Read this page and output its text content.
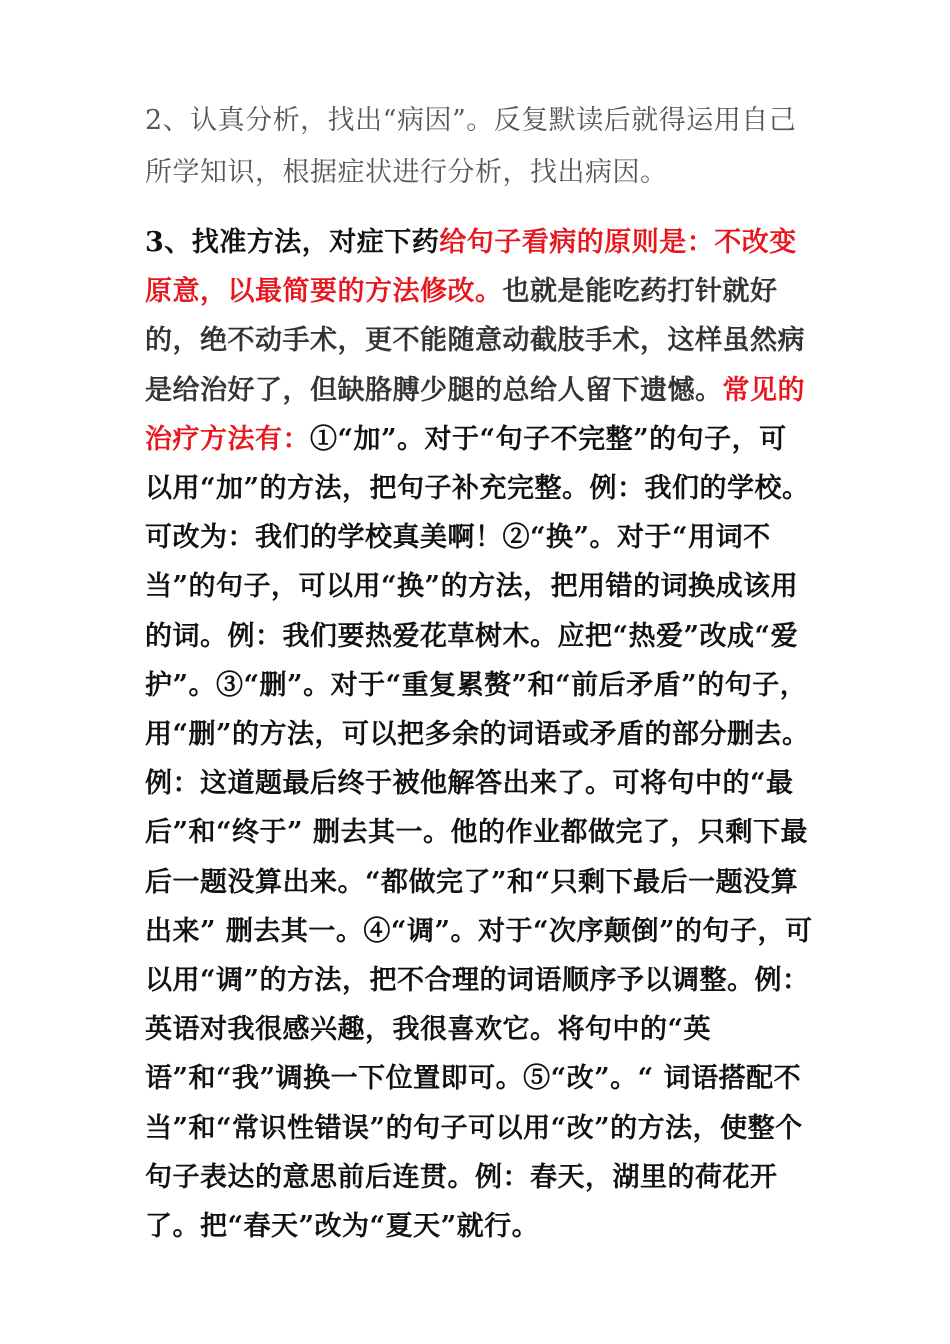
2、认真分析，找出“病因”。反复默读后就得运用自己所学知识，根据症状进行分析，找出病因。

3、找准方法，对症下药给句子看病的原则是：不改变原意，以最简要的方法修改。也就是能吃药打针就好的，绝不动手术，更不能随意动截肢手术，这样虽然病是给治好了，但缺胳膊少腿的总给人留下遗憾。常见的治疗方法有：①“加”。对于“句子不完整”的句子，可以用“加”的方法，把句子补充完整。例：我们的学校。可改为：我们的学校真美啊！②“换”。对于“用词不当”的句子，可以用“换”的方法，把用错的词换成该用的词。例：我们要热爱花草树木。应把“热爱”改成“爱护”。③“删”。对于“重复累赘”和“前后矛盾”的句子，用“删”的方法，可以把多余的词语或矛盾的部分删去。例：这道题最后终于被他解答出来了。可将句中的“最后”和“终于” 删去其一。他的作业都做完了，只剩下最后一题没算出来。“都做完了”和“只剩下最后一题没算出来” 删去其一。④“调”。对于“次序颠倒”的句子，可以用“调”的方法，把不合理的词语顺序予以调整。例：英语对我很感兴趣，我很喜欢它。将句中的“英语”和“我”调换一下位置即可。⑤“改”。“ 词语搭配不当”和“常识性错误”的句子可以用“改”的方法，使整个句子表达的意思前后连贯。例：春天，湖里的荷花开了。把“春天”改为“夏天”就行。
